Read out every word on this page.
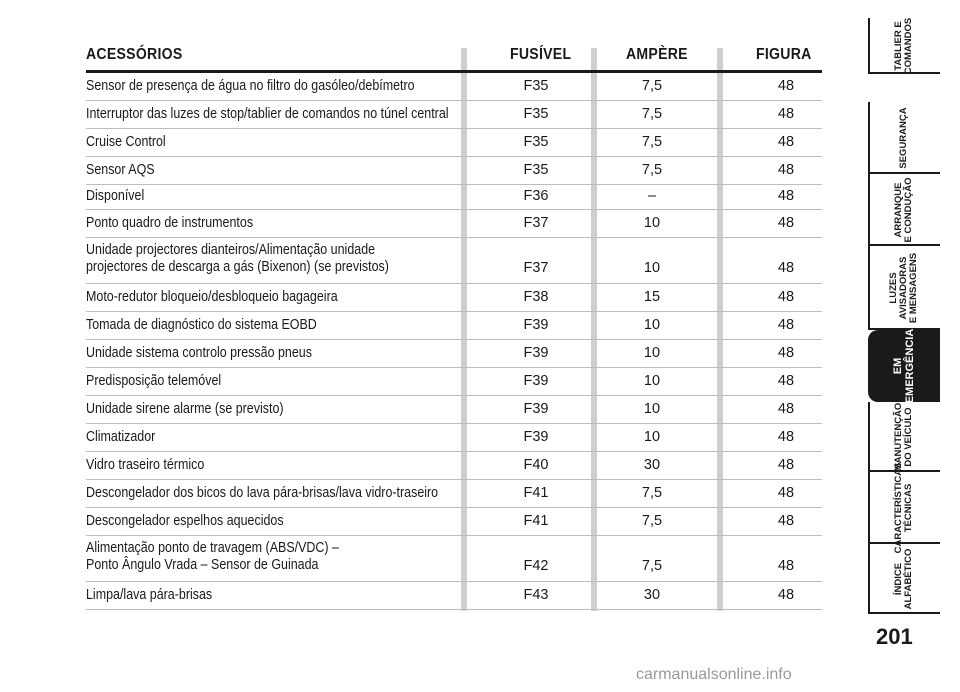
ACESSÓRIOS	FUSÍVEL	AMPÈRE	FIGURA
Sensor de presença de água no filtro do gasóleo/debímetro	F35	7,5	48
Interruptor das luzes de stop/tablier de comandos no túnel central	F35	7,5	48
Cruise Control	F35	7,5	48
Sensor AQS	F35	7,5	48
Disponível	F36	–	48
Ponto quadro de instrumentos	F37	10	48
Unidade projectores dianteiros/Alimentação unidade
projectores de descarga a gás (Bixenon) (se previstos)	F37	10	48
Moto-redutor bloqueio/desbloqueio bagageira	F38	15	48
Tomada de diagnóstico do sistema EOBD	F39	10	48
Unidade sistema controlo pressão pneus	F39	10	48
Predisposição telemóvel	F39	10	48
Unidade sirene alarme (se previsto)	F39	10	48
Climatizador	F39	10	48
Vidro traseiro térmico	F40	30	48
Descongelador dos bicos do lava pára-brisas/lava vidro-traseiro	F41	7,5	48
Descongelador espelhos aquecidos	F41	7,5	48
Alimentação ponto de travagem (ABS/VDC) –
Ponto Ângulo Vrada – Sensor de Guinada	F42	7,5	48
Limpa/lava pára-brisas	F43	30	48
TABLIER E COMANDOS
SEGURANÇA
ARRANQUE E CONDUÇÃO
LUZES AVISADORAS E MENSAGENS
EM EMERGÊNCIA
MANUTENÇÃO DO VEÍCULO
CARACTERÍSTICAS TÉCNICAS
ÍNDICE ALFABÉTICO
201
carmanualsonline.info
